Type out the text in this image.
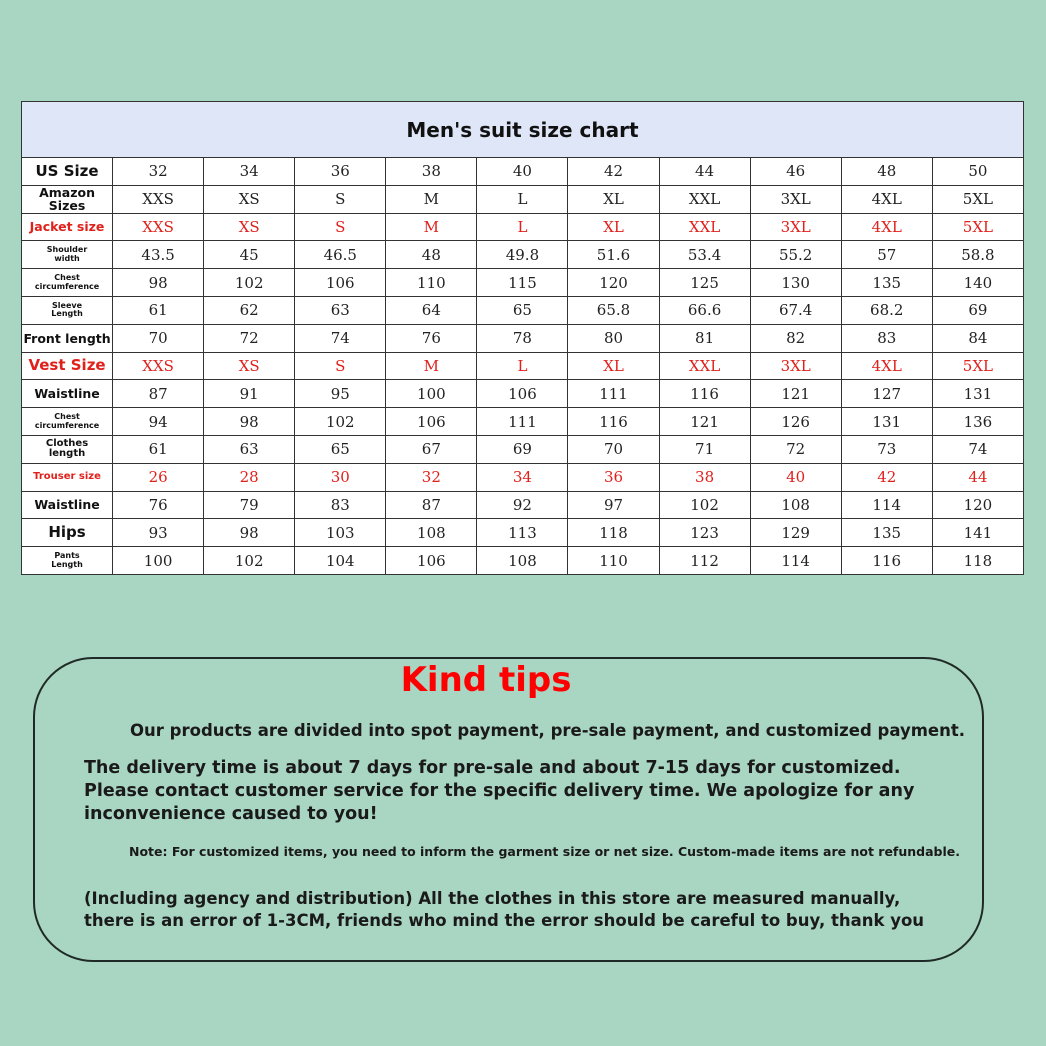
Men's suit size chart										
US Size	32	34	36	38	40	42	44	46	48	50
Amazon Sizes	XXS	XS	S	M	L	XL	XXL	3XL	4XL	5XL
Jacket size	XXS	XS	S	M	L	XL	XXL	3XL	4XL	5XL

Shoulder width	43.5	45	46.5	48	49.8	51.6	53.4	55.2	57	58.8
Chest circumference	98	102	106	110	115	120	125	130	135	140

Sleeve Length	61	62	63	64	65	65.8	66.6	67.4	68.2	69
Front length	70	72	74	76	78	80	81	82	83	84
Vest Size	XXS	XS	S	M	L	XL	XXL	3XL	4XL	5XL
Waistline	87	91	95	100	106	111	116	121	127	131
Chest circumference	94	98	102	106	111	116	121	126	131	136

Clothes length	61	63	65	67	69	70	71	72	73	74
Trouser size	26	28	30	32	34	36	38	40	42	44
Waistline	76	79	83	87	92	97	102	108	114	120
Hips	93	98	103	108	113	118	123	129	135	141

Pants Length	100	102	104	106	108	110	112	114	116	118

Kind tips

Our products are divided into spot payment, pre-sale payment, and customized payment.

The delivery time is about 7 days for pre-sale and about 7-15 days for customized. Please contact customer service for the specific delivery time. We apologize for any inconvenience caused to you!

Note: For customized items, you need to inform the garment size or net size. Custom-made items are not refundable.

(Including agency and distribution) All the clothes in this store are measured manually, there is an error of 1-3CM, friends who mind the error should be careful to buy, thank you
